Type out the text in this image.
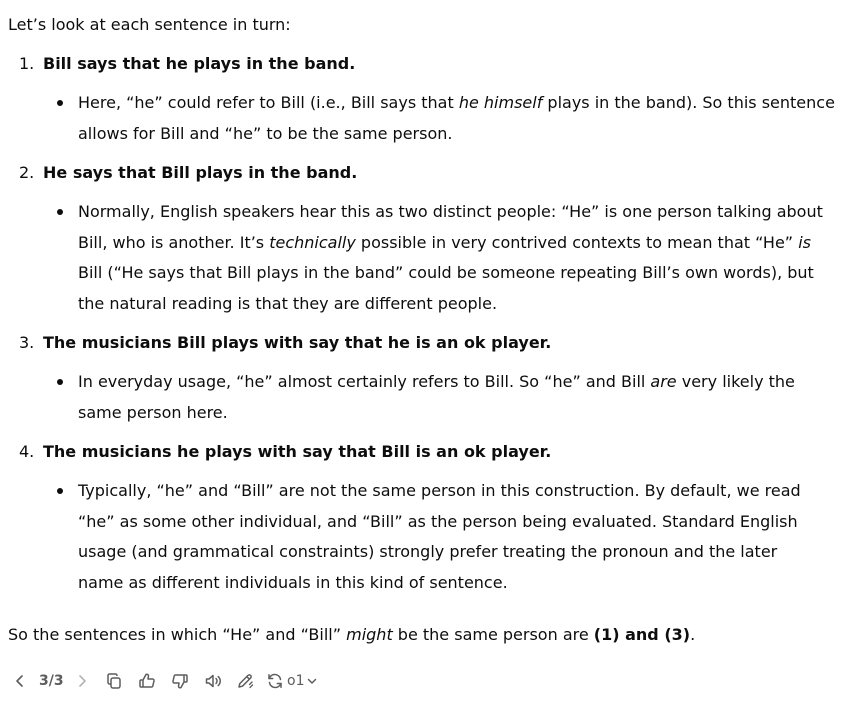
Let’s look at each sentence in turn:
1. Bill says that he plays in the band.
Here, “he” could refer to Bill (i.e., Bill says that he himself plays in the band). So this sentence
allows for Bill and “he” to be the same person.
2. He says that Bill plays in the band.
Normally, English speakers hear this as two distinct people: “He” is one person talking about
Bill, who is another. It’s technically possible in very contrived contexts to mean that “He” is
Bill (“He says that Bill plays in the band” could be someone repeating Bill’s own words), but
the natural reading is that they are different people.
3. The musicians Bill plays with say that he is an ok player.
In everyday usage, “he” almost certainly refers to Bill. So “he” and Bill are very likely the
same person here.
4. The musicians he plays with say that Bill is an ok player.
Typically, “he” and “Bill” are not the same person in this construction. By default, we read
“he” as some other individual, and “Bill” as the person being evaluated. Standard English
usage (and grammatical constraints) strongly prefer treating the pronoun and the later
name as different individuals in this kind of sentence.
So the sentences in which “He” and “Bill” might be the same person are (1) and (3).
3/3	o1
